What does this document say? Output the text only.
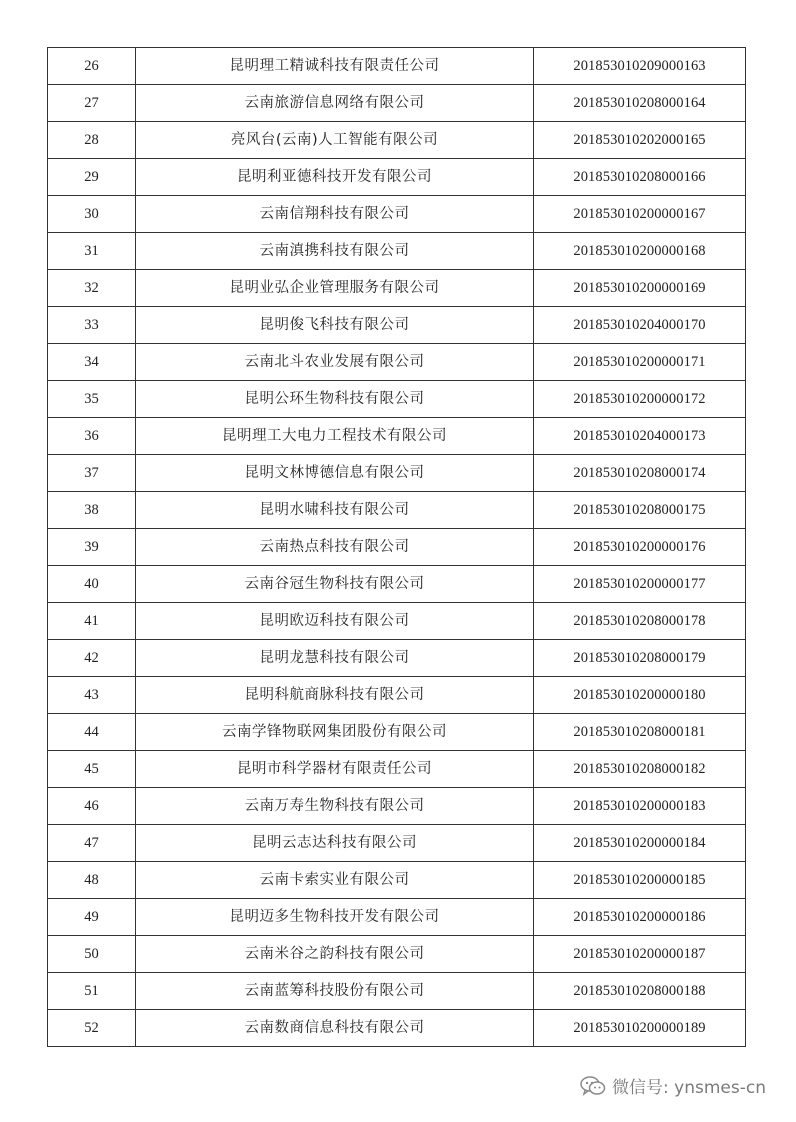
26	昆明理工精诚科技有限责任公司	201853010209000163
27	云南旅游信息网络有限公司	201853010208000164
28	亮风台(云南)人工智能有限公司	201853010202000165
29	昆明利亚德科技开发有限公司	201853010208000166
30	云南信翔科技有限公司	201853010200000167
31	云南滇携科技有限公司	201853010200000168
32	昆明业弘企业管理服务有限公司	201853010200000169
33	昆明俊飞科技有限公司	201853010204000170
34	云南北斗农业发展有限公司	201853010200000171
35	昆明公环生物科技有限公司	201853010200000172
36	昆明理工大电力工程技术有限公司	201853010204000173
37	昆明文林博德信息有限公司	201853010208000174
38	昆明水啸科技有限公司	201853010208000175
39	云南热点科技有限公司	201853010200000176
40	云南谷冠生物科技有限公司	201853010200000177
41	昆明欧迈科技有限公司	201853010208000178
42	昆明龙慧科技有限公司	201853010208000179
43	昆明科航商脉科技有限公司	201853010200000180
44	云南学锋物联网集团股份有限公司	201853010208000181
45	昆明市科学器材有限责任公司	201853010208000182
46	云南万寿生物科技有限公司	201853010200000183
47	昆明云志达科技有限公司	201853010200000184
48	云南卡索实业有限公司	201853010200000185
49	昆明迈多生物科技开发有限公司	201853010200000186
50	云南米谷之韵科技有限公司	201853010200000187
51	云南蓝筹科技股份有限公司	201853010208000188
52	云南数商信息科技有限公司	201853010200000189
微信号: ynsmes-cn
